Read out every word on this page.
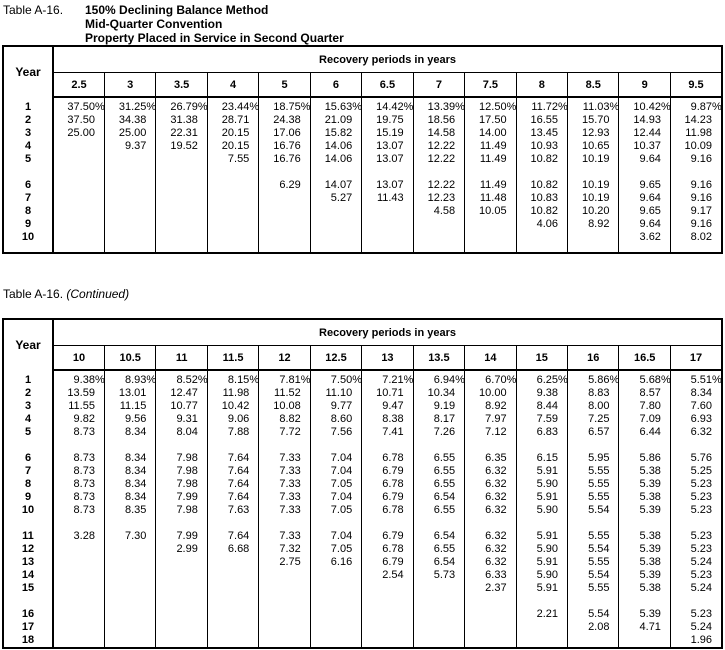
Table A-16.	150% Declining Balance Method
Mid-Quarter Convention
Property Placed in Service in Second Quarter
Year	Recovery periods in years												
	2.5	3	3.5	4	5	6	6.5	7	7.5	8	8.5	9	9.5

1	37.50%	31.25%	26.79%	23.44%	18.75%	15.63%	14.42%	13.39%	12.50%	11.72%	11.03%	10.42%	9.87%
2	37.50	34.38	31.38	28.71	24.38	21.09	19.75	18.56	17.50	16.55	15.70	14.93	14.23
3	25.00	25.00	22.31	20.15	17.06	15.82	15.19	14.58	14.00	13.45	12.93	12.44	11.98
4		9.37	19.52	20.15	16.76	14.06	13.07	12.22	11.49	10.93	10.65	10.37	10.09
5				7.55	16.76	14.06	13.07	12.22	11.49	10.82	10.19	9.64	9.16

6					6.29	14.07	13.07	12.22	11.49	10.82	10.19	9.65	9.16
7						5.27	11.43	12.23	11.48	10.83	10.19	9.64	9.16
8								4.58	10.05	10.82	10.20	9.65	9.17
9										4.06	8.92	9.64	9.16
10												3.62	8.02

Table A-16. (Continued)
Year	Recovery periods in years												
	10	10.5	11	11.5	12	12.5	13	13.5	14	15	16	16.5	17

1	9.38%	8.93%	8.52%	8.15%	7.81%	7.50%	7.21%	6.94%	6.70%	6.25%	5.86%	5.68%	5.51%
2	13.59	13.01	12.47	11.98	11.52	11.10	10.71	10.34	10.00	9.38	8.83	8.57	8.34
3	11.55	11.15	10.77	10.42	10.08	9.77	9.47	9.19	8.92	8.44	8.00	7.80	7.60
4	9.82	9.56	9.31	9.06	8.82	8.60	8.38	8.17	7.97	7.59	7.25	7.09	6.93
5	8.73	8.34	8.04	7.88	7.72	7.56	7.41	7.26	7.12	6.83	6.57	6.44	6.32

6	8.73	8.34	7.98	7.64	7.33	7.04	6.78	6.55	6.35	6.15	5.95	5.86	5.76
7	8.73	8.34	7.98	7.64	7.33	7.04	6.79	6.55	6.32	5.91	5.55	5.38	5.25
8	8.73	8.34	7.98	7.64	7.33	7.05	6.78	6.55	6.32	5.90	5.55	5.39	5.23
9	8.73	8.34	7.99	7.64	7.33	7.04	6.79	6.54	6.32	5.91	5.55	5.38	5.23
10	8.73	8.35	7.98	7.63	7.33	7.05	6.78	6.55	6.32	5.90	5.54	5.39	5.23

11	3.28	7.30	7.99	7.64	7.33	7.04	6.79	6.54	6.32	5.91	5.55	5.38	5.23
12			2.99	6.68	7.32	7.05	6.78	6.55	6.32	5.90	5.54	5.39	5.23
13					2.75	6.16	6.79	6.54	6.32	5.91	5.55	5.38	5.24
14							2.54	5.73	6.33	5.90	5.54	5.39	5.23
15									2.37	5.91	5.55	5.38	5.24

16										2.21	5.54	5.39	5.23
17											2.08	4.71	5.24
18													1.96
